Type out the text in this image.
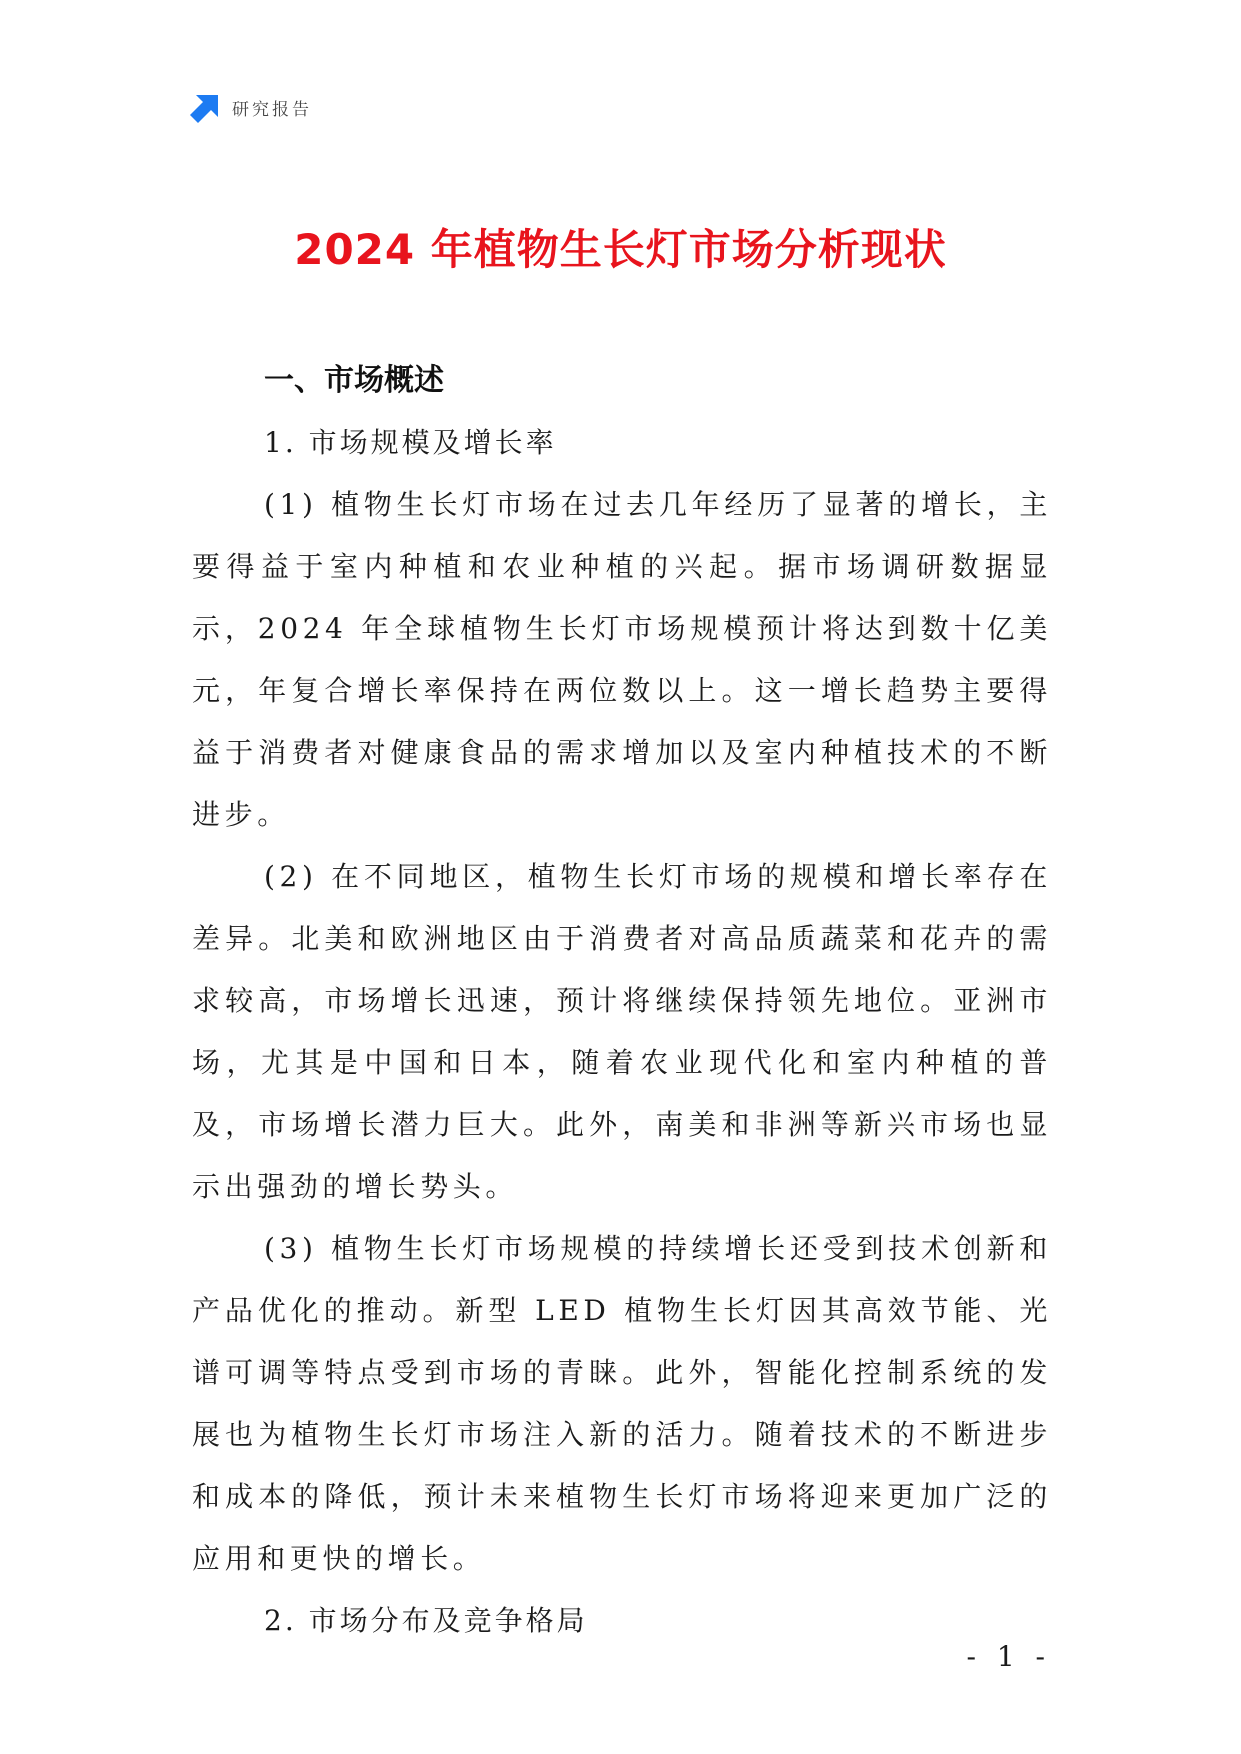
研究报告
2024 年植物生长灯市场分析现状
一、市场概述
1. 市场规模及增长率

(1) 植物生长灯市场在过去几年经历了显著的增长，主要得益于室内种植和农业种植的兴起。据市场调研数据显示，2024 年全球植物生长灯市场规模预计将达到数十亿美元，年复合增长率保持在两位数以上。这一增长趋势主要得益于消费者对健康食品的需求增加以及室内种植技术的不断进步。

(2) 在不同地区，植物生长灯市场的规模和增长率存在差异。北美和欧洲地区由于消费者对高品质蔬菜和花卉的需求较高，市场增长迅速，预计将继续保持领先地位。亚洲市场，尤其是中国和日本，随着农业现代化和室内种植的普及，市场增长潜力巨大。此外，南美和非洲等新兴市场也显示出强劲的增长势头。

(3) 植物生长灯市场规模的持续增长还受到技术创新和产品优化的推动。新型 LED 植物生长灯因其高效节能、光谱可调等特点受到市场的青睐。此外，智能化控制系统的发展也为植物生长灯市场注入新的活力。随着技术的不断进步和成本的降低，预计未来植物生长灯市场将迎来更加广泛的应用和更快的增长。

2. 市场分布及竞争格局
- 1 -
